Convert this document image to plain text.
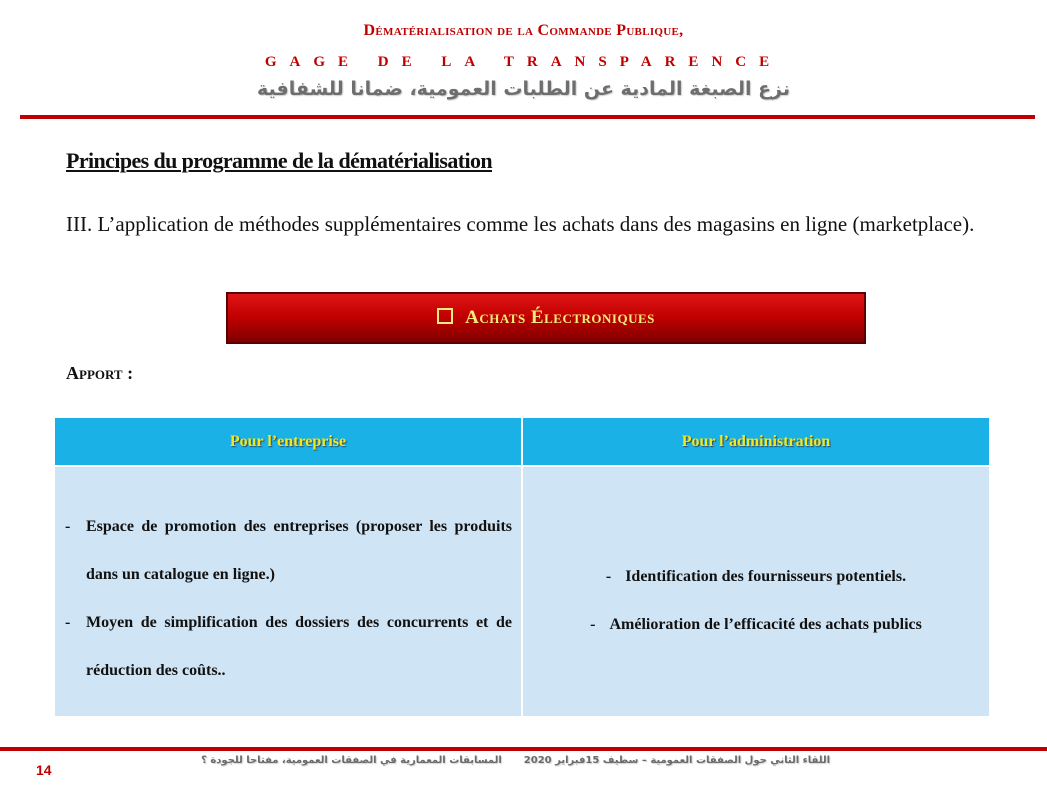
Dématérialisation de la Commande Publique,
GAGE DE LA TRANSPARENCE
نزع الصبغة المادية عن الطلبات العمومية، ضمانا للشفافية
Principes du programme de la dématérialisation
III. L’application de méthodes supplémentaires comme les achats dans des magasins en ligne (marketplace).
Achats Électroniques
Apport :
Pour l’entreprise	Pour l’administration
- Espace de promotion des entreprises (proposer les produits dans un catalogue en ligne.)
- Moyen de simplification des dossiers des concurrents et de réduction des coûts..
- Identification des fournisseurs potentiels.
- Amélioration de l’efficacité des achats publics
14
اللقاء الثاني حول الصفقات العمومية – سطيف 15فبراير 2020
المسابقات المعمارية في الصفقات العمومية، مفتاحا للجودة ؟
